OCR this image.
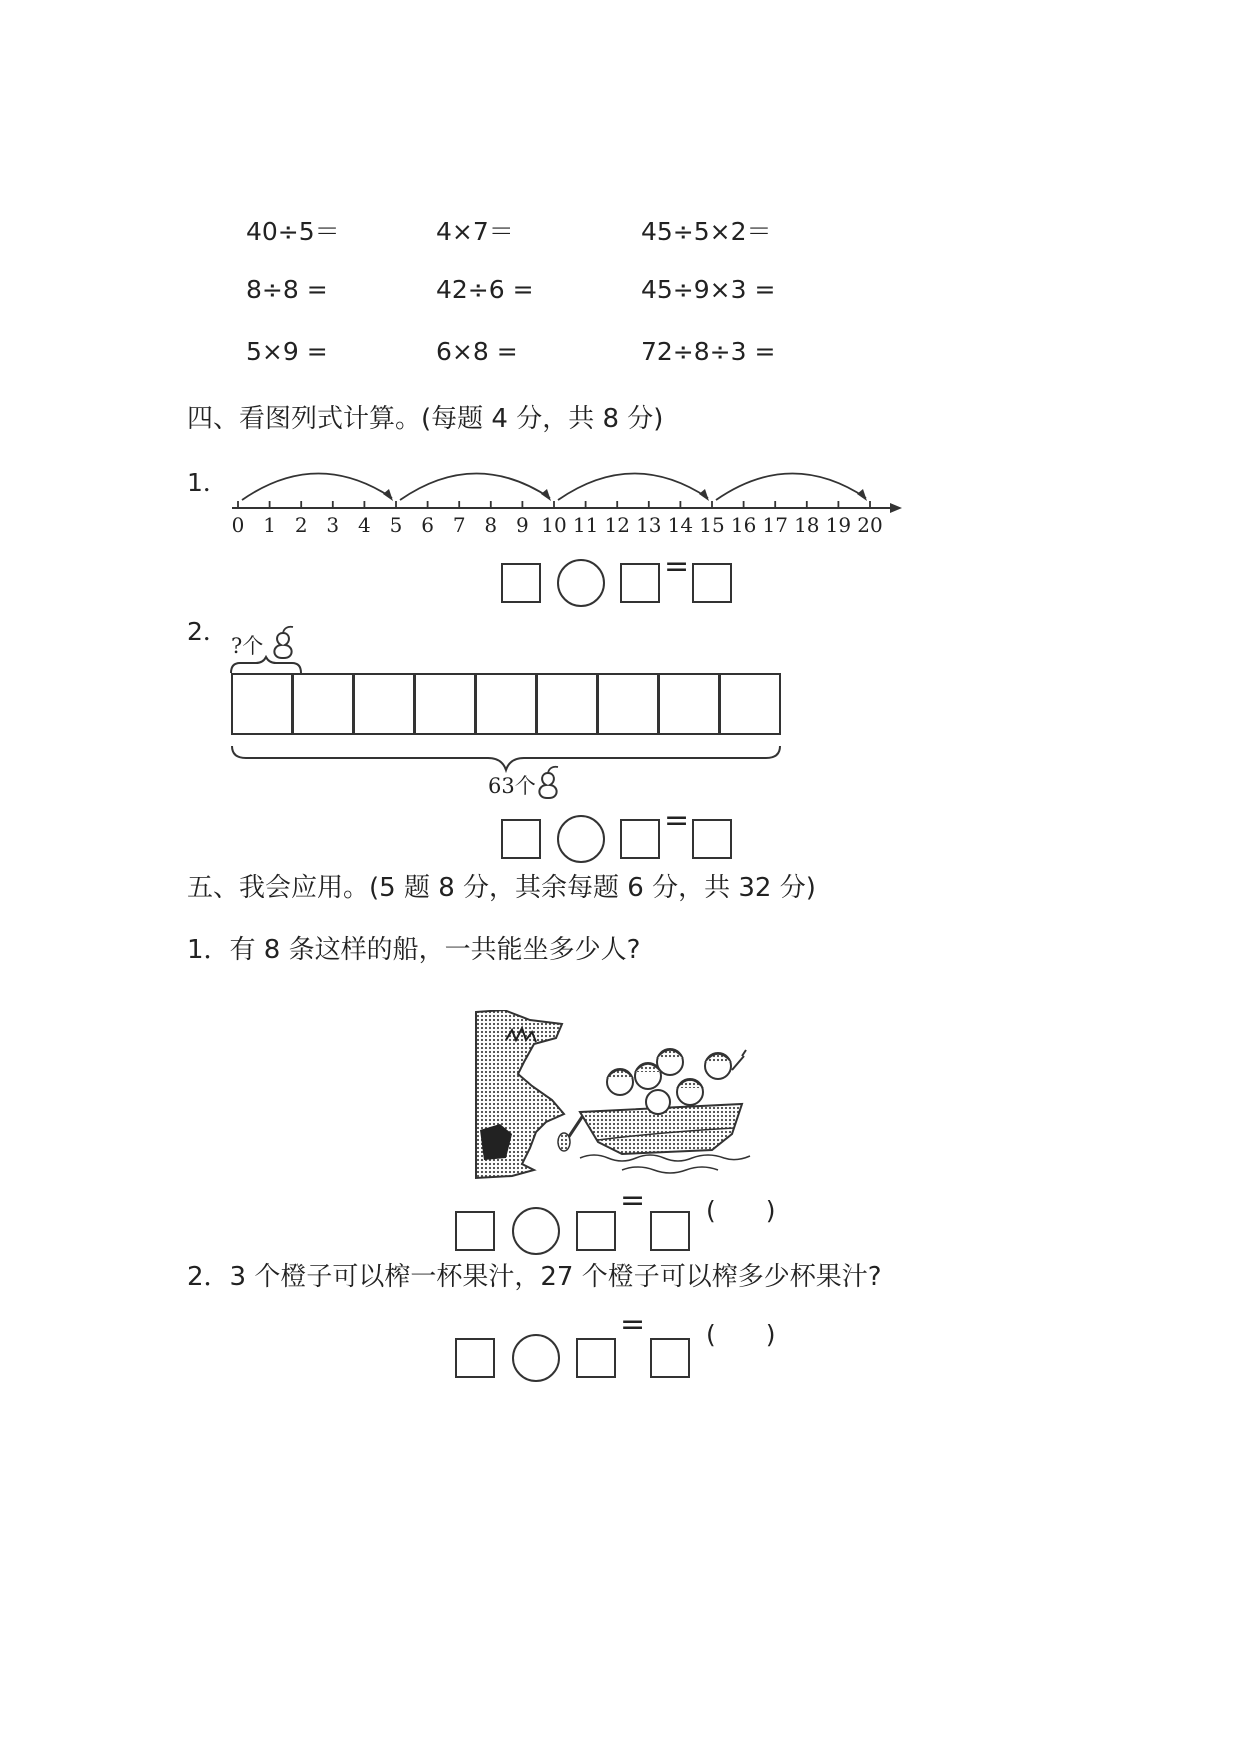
40÷5＝	4×7＝	45÷5×2＝
8÷8 =	42÷6 =	45÷9×3 =
5×9 =	6×8 =	72÷8÷3 =
四、看图列式计算。(每题 4 分，共 8 分)
1．
0 1 2 3 4 5 6 7 8 9 10 11 12 13 14 15 16 17 18 19 20
=
2． ?个
63个
=
五、我会应用。(5 题 8 分，其余每题 6 分，共 32 分)
1．有 8 条这样的船，一共能坐多少人?
= (　　)
2．3 个橙子可以榨一杯果汁，27 个橙子可以榨多少杯果汁?
= (　　)
